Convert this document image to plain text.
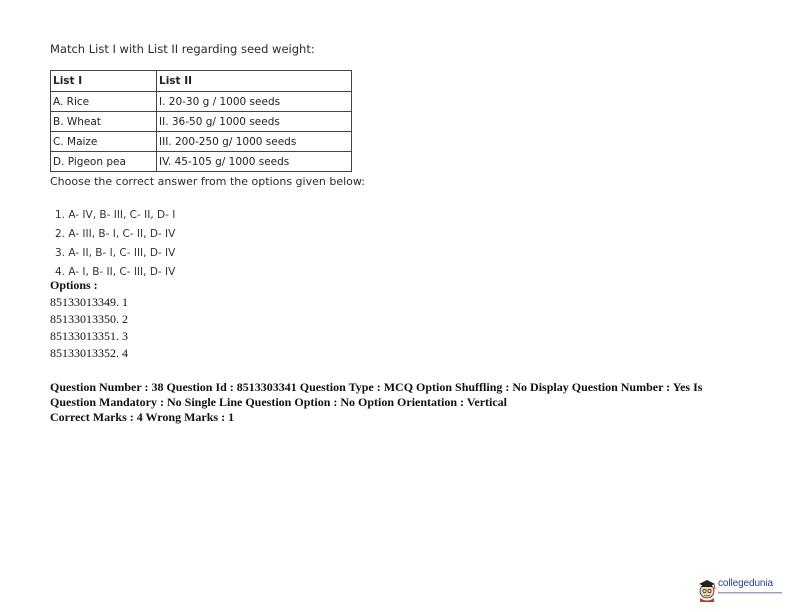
Match List I with List II regarding seed weight:
List I	List II
A. Rice	I. 20-30 g / 1000 seeds
B. Wheat	II. 36-50 g/ 1000 seeds
C. Maize	III. 200-250 g/ 1000 seeds
D. Pigeon pea	IV. 45-105 g/ 1000 seeds
Choose the correct answer from the options given below:
1. A- IV, B- III, C- II, D- I
2. A- III, B- I, C- II, D- IV
3. A- II, B- I, C- III, D- IV
4. A- I, B- II, C- III, D- IV
Options :
85133013349. 1
85133013350. 2
85133013351. 3
85133013352. 4
Question Number : 38 Question Id : 8513303341 Question Type : MCQ Option Shuffling : No Display Question Number : Yes Is Question Mandatory : No Single Line Question Option : No Option Orientation : Vertical
Correct Marks : 4 Wrong Marks : 1
collegedunia
